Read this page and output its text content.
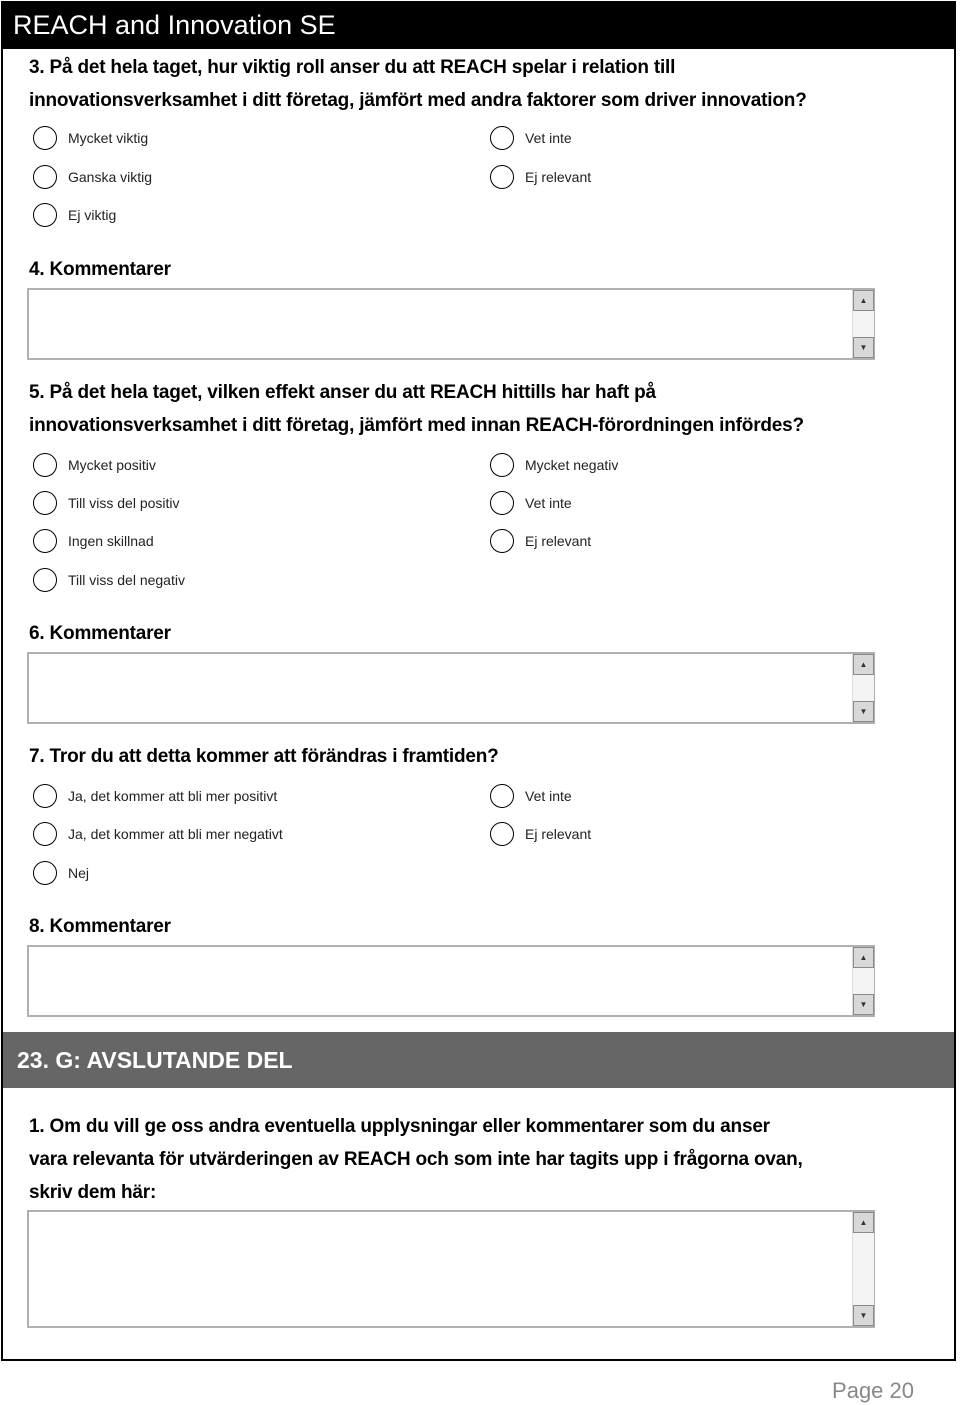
REACH and Innovation SE
3. På det hela taget, hur viktig roll anser du att REACH spelar i relation till
innovationsverksamhet i ditt företag, jämfört med andra faktorer som driver innovation?
Mycket viktig
Ganska viktig
Ej viktig
Vet inte
Ej relevant
4. Kommentarer
▲
▼
5. På det hela taget, vilken effekt anser du att REACH hittills har haft på
innovationsverksamhet i ditt företag, jämfört med innan REACH-förordningen infördes?
Mycket positiv
Till viss del positiv
Ingen skillnad
Till viss del negativ
Mycket negativ
Vet inte
Ej relevant
6. Kommentarer
▲
▼
7. Tror du att detta kommer att förändras i framtiden?
Ja, det kommer att bli mer positivt
Ja, det kommer att bli mer negativt
Nej
Vet inte
Ej relevant
8. Kommentarer
▲
▼
23. G: AVSLUTANDE DEL
1. Om du vill ge oss andra eventuella upplysningar eller kommentarer som du anser
vara relevanta för utvärderingen av REACH och som inte har tagits upp i frågorna ovan,
skriv dem här:
▲
▼
Page 20
